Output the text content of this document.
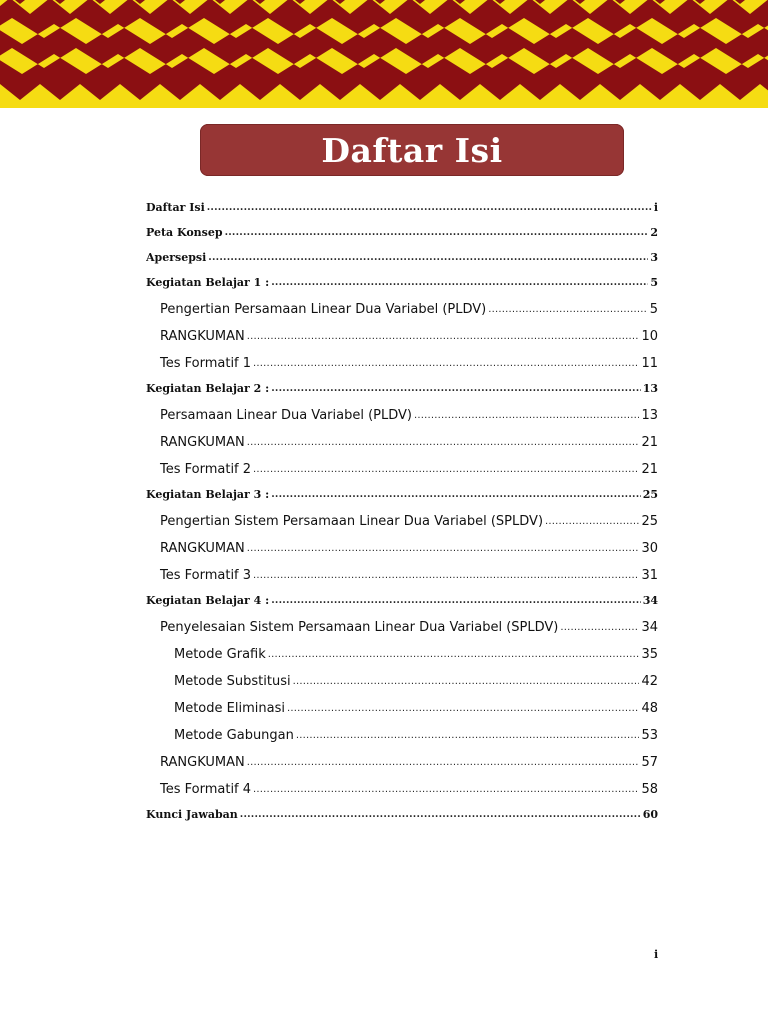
Daftar Isi
Daftar Isi .....	i
Peta Konsep .....	2
Apersepsi .....	3
Kegiatan Belajar 1 : .....	5
Pengertian Persamaan Linear Dua Variabel (PLDV) .....	5
RANGKUMAN .....	10
Tes Formatif 1 .....	11
Kegiatan Belajar 2 : .....	13
Persamaan Linear Dua Variabel (PLDV) .....	13
RANGKUMAN .....	21
Tes Formatif 2 .....	21
Kegiatan Belajar 3 : .....	25
Pengertian Sistem Persamaan Linear Dua Variabel (SPLDV) .....	25
RANGKUMAN .....	30
Tes Formatif 3 .....	31
Kegiatan Belajar 4 : .....	34
Penyelesaian Sistem Persamaan Linear Dua Variabel (SPLDV) .....	34
Metode Grafik .....	35
Metode Substitusi .....	42
Metode Eliminasi .....	48
Metode Gabungan .....	53
RANGKUMAN .....	57
Tes Formatif 4 .....	58
Kunci Jawaban .....	60
i
